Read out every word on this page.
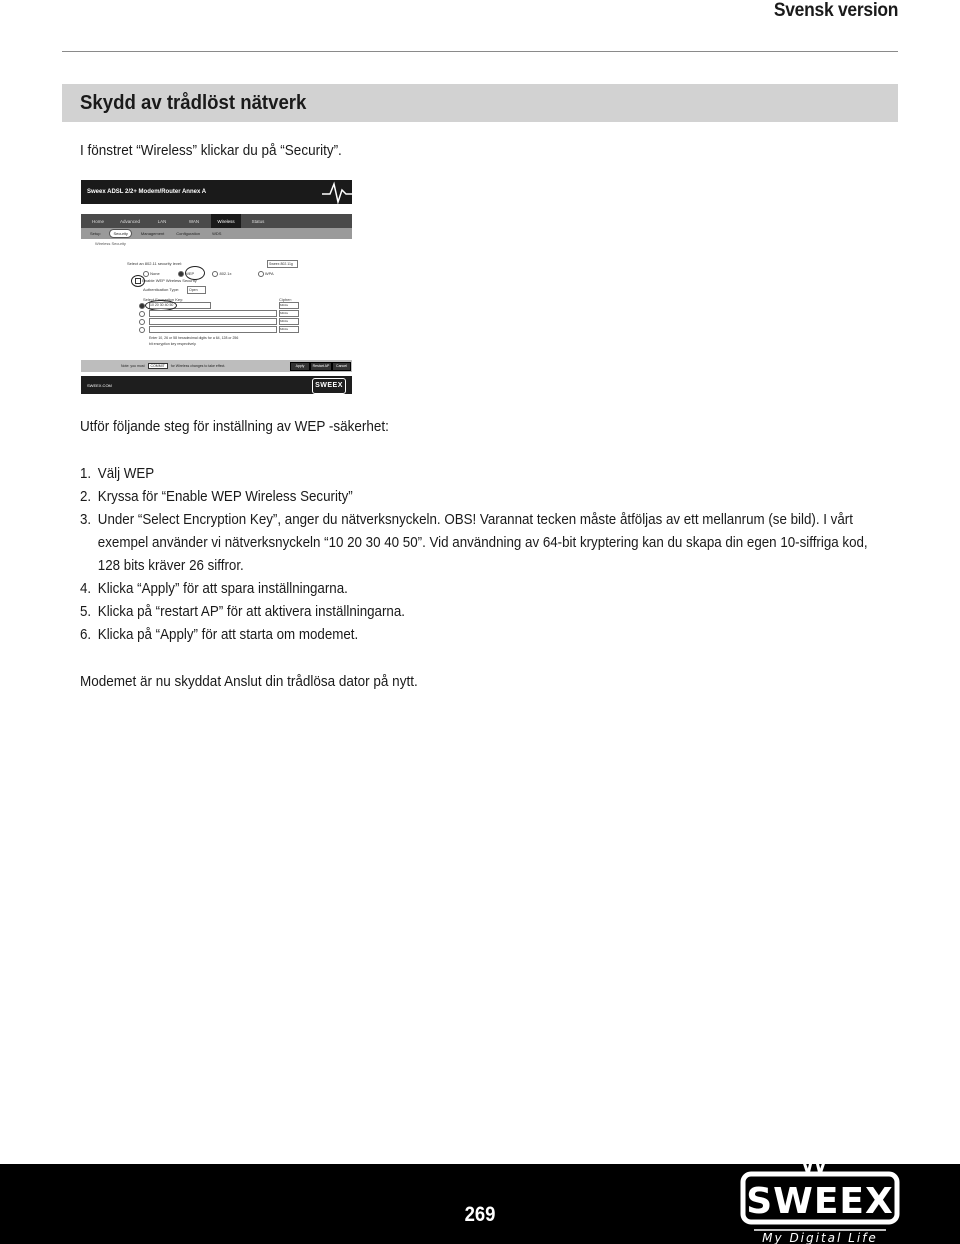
Svensk version
Skydd av trådlöst nätverk
I fönstret “Wireless” klickar du på “Security”.
Sweex ADSL 2/2+ Modem/Router Annex A
Home	Advanced	LAN	WAN	Wireless	Status
Setup	Security	Management	Configuration	WDS
Wireless Security
Select an 802.11 security level:	Sweex 802.11g
None	WEP	802.1x	WPA
Enable WEP Wireless Security
Authentication Type:	Open
Select Encryption Key:	Cipher:
10 20 30 40 50	64bits
64bits
64bits
64bits
Enter 10, 26 or 58 hexadecimal digits for a 64, 128 or 256
bit encryption key respectively.
Note: you must	COMMIT	for Wireless changes to take effect.	Apply	Restart AP	Cancel
SWEEX.COM	SWEEX
Utför följande steg för inställning av WEP -säkerhet:
1. Välj WEP
2. Kryssa för “Enable WEP Wireless Security”
3. Under “Select Encryption Key”, anger du nätverksnyckeln. OBS! Varannat tecken måste åtföljas av ett mellanrum (se bild). I vårt exempel använder vi nätverksnyckeln “10 20 30 40 50”. Vid användning av 64-bit kryptering kan du skapa din egen 10-siffriga kod, 128 bits kräver 26 siffror.
4. Klicka “Apply” för att spara inställningarna.
5. Klicka på “restart AP” för att aktivera inställningarna.
6. Klicka på “Apply” för att starta om modemet.
Modemet är nu skyddat Anslut din trådlösa dator på nytt.
269	SWEEX
My Digital Life
